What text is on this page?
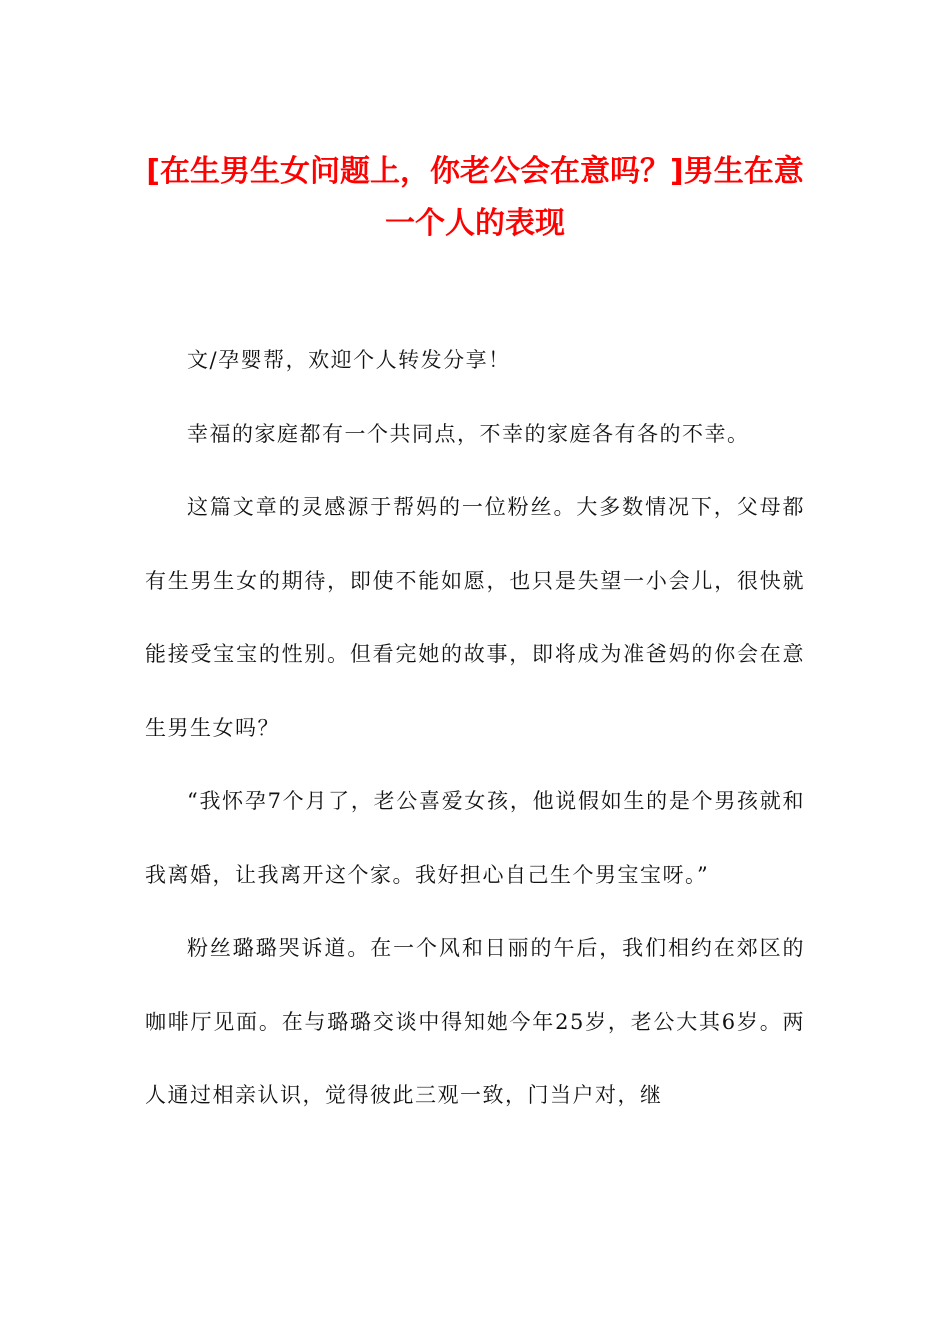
[在生男生女问题上，你老公会在意吗？]男生在意一个人的表现

文/孕婴帮，欢迎个人转发分享！

幸福的家庭都有一个共同点，不幸的家庭各有各的不幸。

这篇文章的灵感源于帮妈的一位粉丝。大多数情况下，父母都有生男生女的期待，即使不能如愿，也只是失望一小会儿，很快就能接受宝宝的性别。但看完她的故事，即将成为准爸妈的你会在意生男生女吗？

“我怀孕7个月了，老公喜爱女孩，他说假如生的是个男孩就和我离婚，让我离开这个家。我好担心自己生个男宝宝呀。”

粉丝璐璐哭诉道。在一个风和日丽的午后，我们相约在郊区的咖啡厅见面。在与璐璐交谈中得知她今年25岁，老公大其6岁。两人通过相亲认识，觉得彼此三观一致，门当户对，继
